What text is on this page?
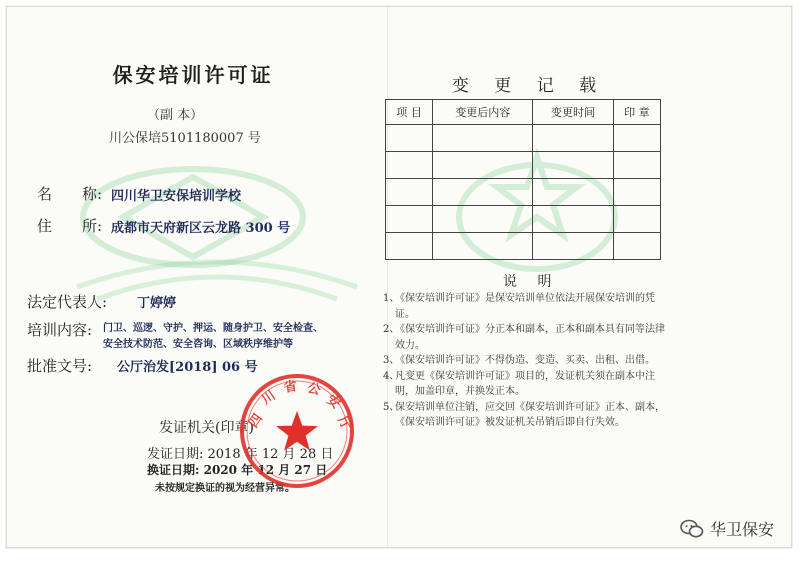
保安培训许可证
（副 本）
川公保培5101180007 号
名　　称: 四川华卫安保培训学校
住　　所: 成都市天府新区云龙路 300 号
法定代表人: 丁婷婷
培训内容: 门卫、巡逻、守护、押运、随身护卫、安全检查、
安全技术防范、安全咨询、区域秩序维护等
批准文号: 公厅治发[2018] 06 号
发证机关(印章)
发证日期: 2018 年 12 月 28 日
换证日期: 2020 年 12 月 27 日
未按规定换证的视为经营异常。
四
川
省 公
安
厅
变 更 记 载
项 目	变更后内容	变更时间	印 章

说 明
1、
《保安培训许可证》是保安培训单位依法开展保安培训的凭证。
2、
《保安培训许可证》分正本和副本，正本和副本具有同等法律效力。
3、
《保安培训许可证》不得伪造、变造、买卖、出租、出借。
4、
凡变更《保安培训许可证》项目的，发证机关须在副本中注明，加盖印章，并换发正本。
5、
保安培训单位注销，应交回《保安培训许可证》正本、副本，《保安培训许可证》被发证机关吊销后即自行失效。
华卫保安
